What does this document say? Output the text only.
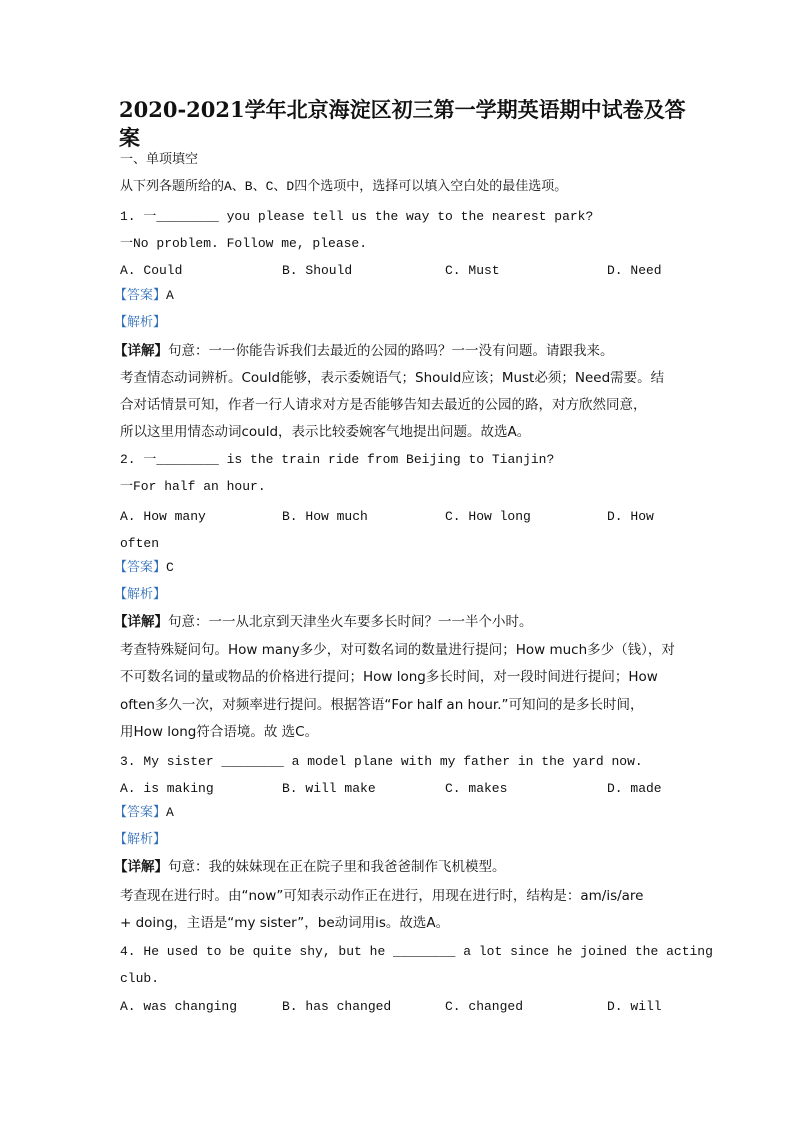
2020-2021学年北京海淀区初三第一学期英语期中试卷及答案
一、单项填空
从下列各题所给的A、B、C、D四个选项中，选择可以填入空白处的最佳选项。
1. 一________ you please tell us the way to the nearest park?
一No problem. Follow me, please.
A. Could	B. Should	C. Must	D. Need
【答案】A
【解析】
【详解】句意：一一你能告诉我们去最近的公园的路吗？一一没有问题。请跟我来。
考查情态动词辨析。Could能够，表示委婉语气；Should应该；Must必须；Need需要。结
合对话情景可知，作者一行人请求对方是否能够告知去最近的公园的路，对方欣然同意，
所以这里用情态动词could，表示比较委婉客气地提出问题。故选A。
2. 一________ is the train ride from Beijing to Tianjin?
一For half an hour.
A. How many	B. How much	C. How long	D. How
often
【答案】C
【解析】
【详解】句意：一一从北京到天津坐火车要多长时间？一一半个小时。
考查特殊疑问句。How many多少，对可数名词的数量进行提问；How much多少（钱），对
不可数名词的量或物品的价格进行提问；How long多长时间，对一段时间进行提问；How
often多久一次，对频率进行提问。根据答语“For half an hour.”可知问的是多长时间，
用How long符合语境。故 选C。
3. My sister ________ a model plane with my father in the yard now.
A. is making	B. will make	C. makes	D. made
【答案】A
【解析】
【详解】句意：我的妹妹现在正在院子里和我爸爸制作飞机模型。
考查现在进行时。由“now”可知表示动作正在进行，用现在进行时，结构是：am/is/are
+ doing，主语是“my sister”，be动词用is。故选A。
4. He used to be quite shy, but he ________ a lot since he joined the acting
club.
A. was changing	B. has changed	C. changed	D. will
